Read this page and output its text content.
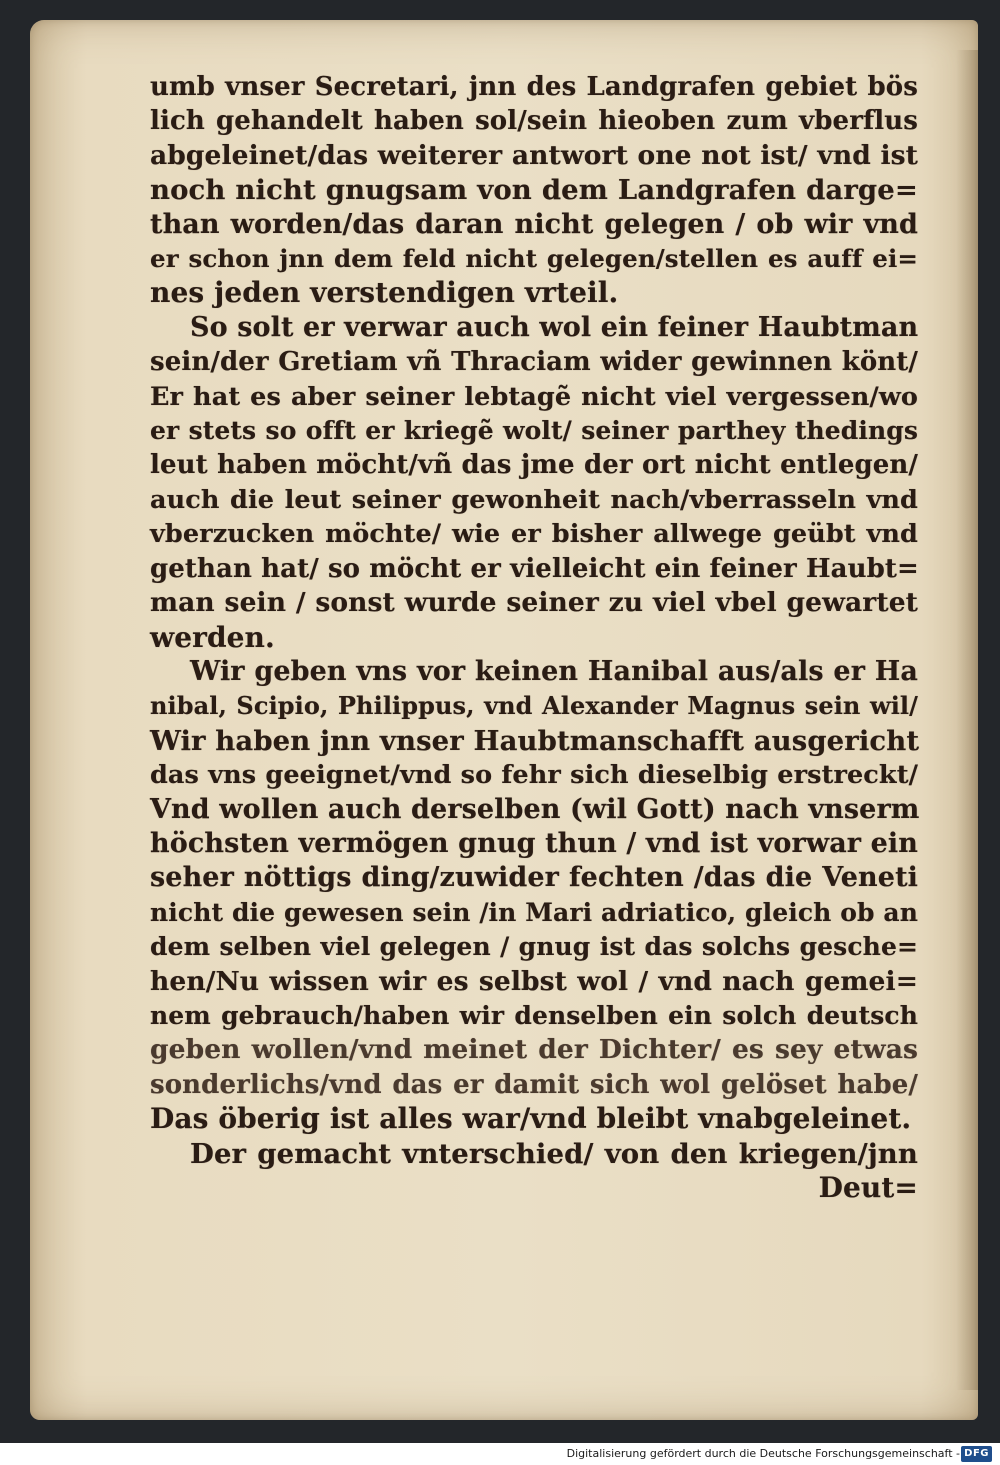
umb vnser Secretari, jnn des Landgrafen gebiet bös
lich gehandelt haben sol/sein hieoben zum vberflus
abgeleinet/das weiterer antwort one not ist/ vnd ist
noch nicht gnugsam von dem Landgrafen darge=
than worden/das daran nicht gelegen / ob wir vnd
er schon jnn dem feld nicht gelegen/stellen es auff ei=
nes jeden verstendigen vrteil.
So solt er verwar auch wol ein feiner Haubtman
sein/der Gretiam vñ Thraciam wider gewinnen könt/
Er hat es aber seiner lebtagẽ nicht viel vergessen/wo
er stets so offt er kriegẽ wolt/ seiner parthey thedings
leut haben möcht/vñ das jme der ort nicht entlegen/
auch die leut seiner gewonheit nach/vberrasseln vnd
vberzucken möchte/ wie er bisher allwege geübt vnd
gethan hat/ so möcht er vielleicht ein feiner Haubt=
man sein / sonst wurde seiner zu viel vbel gewartet
werden.
Wir geben vns vor keinen Hanibal aus/als er Ha
nibal, Scipio, Philippus, vnd Alexander Magnus sein wil/
Wir haben jnn vnser Haubtmanschafft ausgericht
das vns geeignet/vnd so fehr sich dieselbig erstreckt/
Vnd wollen auch derselben (wil Gott) nach vnserm
höchsten vermögen gnug thun / vnd ist vorwar ein
seher nöttigs ding/zuwider fechten /das die Veneti
nicht die gewesen sein /in Mari adriatico, gleich ob an
dem selben viel gelegen / gnug ist das solchs gesche=
hen/Nu wissen wir es selbst wol / vnd nach gemei=
nem gebrauch/haben wir denselben ein solch deutsch
geben wollen/vnd meinet der Dichter/ es sey etwas
sonderlichs/vnd das er damit sich wol gelöset habe/
Das öberig ist alles war/vnd bleibt vnabgeleinet.
Der gemacht vnterschied/ von den kriegen/jnn
Deut=
Digitalisierung gefördert durch die Deutsche Forschungsgemeinschaft - DFG
